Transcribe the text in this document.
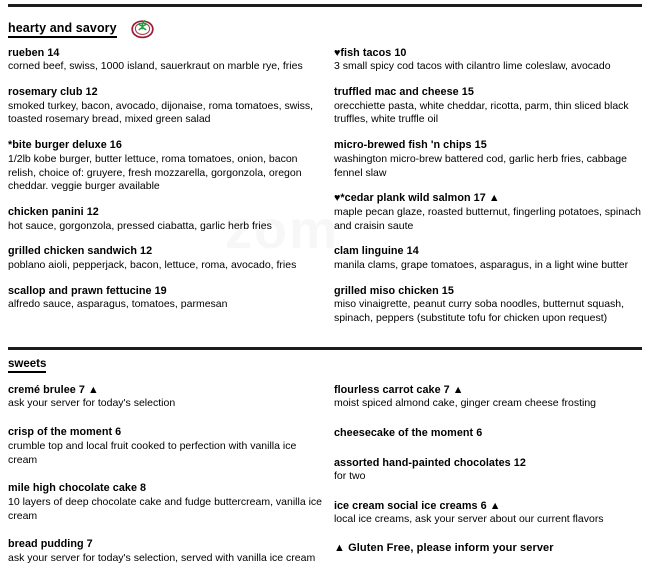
hearty and savory
rueben 14
corned beef, swiss, 1000 island, sauerkraut on marble rye, fries
rosemary club 12
smoked turkey, bacon, avocado, dijonaise, roma tomatoes, swiss, toasted rosemary bread, mixed green salad
*bite burger deluxe 16
1/2lb kobe burger, butter lettuce, roma tomatoes, onion, bacon relish, choice of: gruyere, fresh mozzarella, gorgonzola, oregon cheddar. veggie burger available
chicken panini 12
hot sauce, gorgonzola, pressed ciabatta, garlic herb fries
grilled chicken sandwich 12
poblano aioli, pepperjack, bacon, lettuce, roma, avocado, fries
scallop and prawn fettucine 19
alfredo sauce, asparagus, tomatoes, parmesan
♥fish tacos 10
3 small spicy cod tacos with cilantro lime coleslaw, avocado
truffled mac and cheese 15
orecchiette pasta, white cheddar, ricotta, parm, thin sliced black truffles, white truffle oil
micro-brewed fish 'n chips 15
washington micro-brew battered cod, garlic herb fries, cabbage fennel slaw
♥*cedar plank wild salmon 17 ▲
maple pecan glaze, roasted butternut, fingerling potatoes, spinach and craisin saute
clam linguine 14
manila clams, grape tomatoes, asparagus, in a light wine butter
grilled miso chicken 15
miso vinaigrette, peanut curry soba noodles, butternut squash, spinach, peppers (substitute tofu for chicken upon request)
sweets
cremé brulee 7 ▲
ask your server for today's selection
crisp of the moment 6
crumble top and local fruit cooked to perfection with vanilla ice cream
mile high chocolate cake 8
10 layers of deep chocolate cake and fudge buttercream, vanilla ice cream
bread pudding 7
ask your server for today's selection, served with vanilla ice cream
flourless carrot cake 7 ▲
moist spiced almond cake, ginger cream cheese frosting
cheesecake of the moment 6
assorted hand-painted chocolates 12
for two
ice cream social ice creams 6 ▲
local ice creams, ask your server about our current flavors
▲ Gluten Free, please inform your server
